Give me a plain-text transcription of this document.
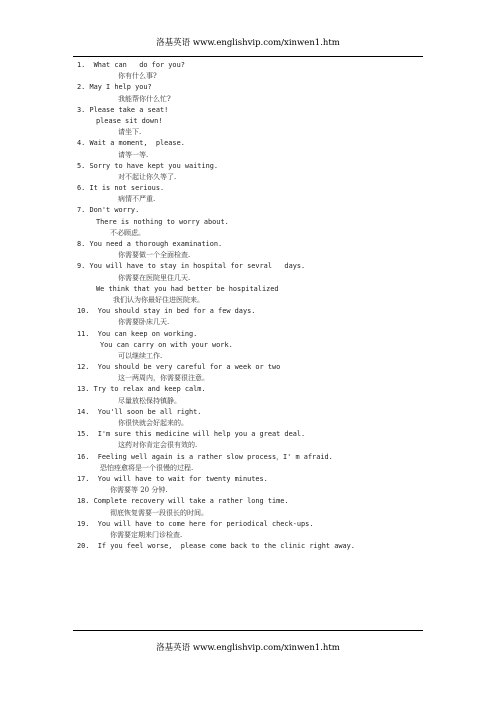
洛基英语 www.englishvip.com/xinwen1.htm
1.  What can   do for you?
你有什么事?
2. May I help you?
我能帮你什么忙?
3. Please take a seat!
please sit down!
请坐下.
4. Wait a moment,  please.
请等一等.
5. Sorry to have kept you waiting.
对不起让你久等了.
6. It is not serious.
病情不严重.
7. Don't worry.
There is nothing to worry about.
不必顾虑。
8. You need a thorough examination.
你需要做一个全面检查.
9. You will have to stay in hospital for sevral   days.
你需要在医院里住几天.
We think that you had better be hospitalized
我们认为你最好住进医院来。
10.  You should stay in bed for a few days.
你需要卧床几天.
11.  You can keep on working.
You can carry on with your work.
可以继续工作.
12.  You should be very careful for a week or two
这一两周内，你需要很注意。
13. Try to relax and keep calm.
尽量放松保持镇静。
14.  You'll soon be all right.
你很快就会好起来的。
15.  I'm sure this medicine will help you a great deal.
这药对你肯定会很有效的.
16.  Feeling well again is a rather slow process，I' m afraid.
恐怕痊愈将是一个很慢的过程.
17.  You will have to wait for twenty minutes.
你需要等 20 分钟.
18. Complete recovery will take a rather long time.
彻底恢复需要一段很长的时间。
19.  You will have to come here for periodical check-ups.
你需要定期来门诊检查.
20.  If you feel worse,  please come back to the clinic right away.
洛基英语 www.englishvip.com/xinwen1.htm
